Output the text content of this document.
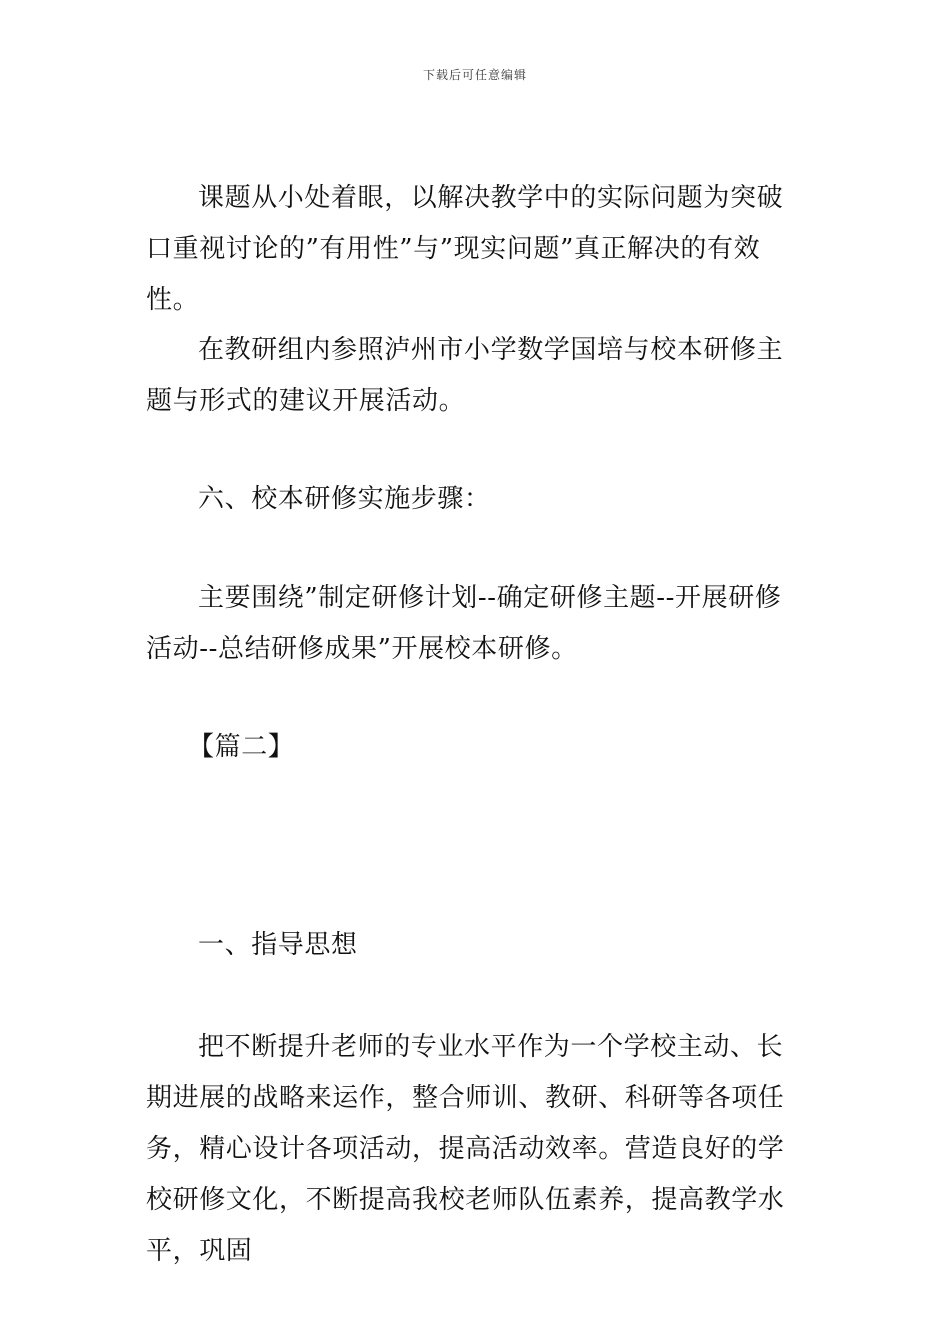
下载后可任意编辑

课题从小处着眼，以解决教学中的实际问题为突破口重视讨论的”有用性”与”现实问题”真正解决的有效性。

在教研组内参照泸州市小学数学国培与校本研修主题与形式的建议开展活动。

六、校本研修实施步骤：

主要围绕”制定研修计划--确定研修主题--开展研修活动--总结研修成果”开展校本研修。

【篇二】

一、指导思想

把不断提升老师的专业水平作为一个学校主动、长期进展的战略来运作，整合师训、教研、科研等各项任务，精心设计各项活动，提高活动效率。营造良好的学校研修文化，不断提高我校老师队伍素养，提高教学水平，巩固
